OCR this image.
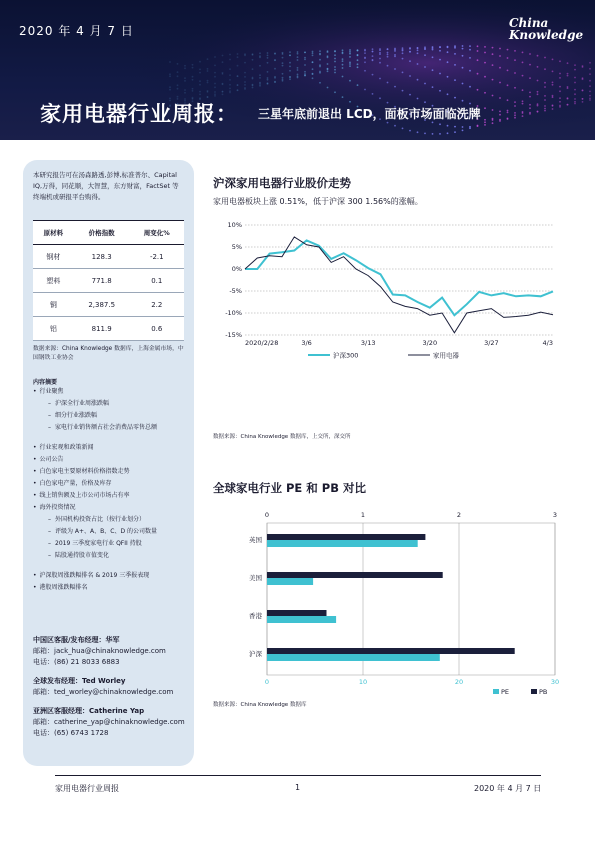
2020 年 4 月 7 日
China
Knowledge
家用电器行业周报： 三星年底前退出 LCD，面板市场面临洗牌
本研究报告可在汤森路透,彭博,标准普尔、Capital IQ,万得，同花顺，大智慧，东方财富，FactSet 等终端机或研报平台购得。
原材料	价格指数	周变化%
钢材	128.3	-2.1
塑料	771.8	0.1
铜	2,387.5	2.2
铝	811.9	0.6
数据来源：China Knowledge 数据库，上海金属市场，中国钢铁工业协会
内容摘要
• 行业聚焦
– 沪深全行业周涨跌幅
– 细分行业涨跌幅
– 家电行业销售额占社会消费品零售总额
• 行业宏观和政策新闻
• 公司公告
• 白色家电主要原材料价格指数走势
• 白色家电产量，价格及库存
• 线上销售额及上市公司市场占有率
• 海外投资情况
– 外国机构投资占比（按行业划分）
– 评级为 A+、A、B、C、D 的公司数量
– 2019 三季度家电行业 QFII 持股
– 陆股通持股市值变化
• 沪深股周涨跌幅排名 & 2019 三季报表现
• 港股周涨跌幅排名
中国区客服/发布经理：华军
邮箱：jack_hua@chinaknowledge.com
电话：(86) 21 8033 6883
全球发布经理：Ted Worley
邮箱：ted_worley@chinaknowledge.com
亚洲区客服经理：Catherine Yap
邮箱：catherine_yap@chinaknowledge.com
电话：(65) 6743 1728
沪深家用电器行业股价走势
家用电器板块上涨 0.51%，低于沪深 300 1.56%的涨幅。
10%
5%
0%
-5%
-10%
-15%
2020/2/28	3/6	3/13	3/20	3/27	4/3
沪深300	家用电器
数据来源：China Knowledge 数据库，上交所，深交所
全球家电行业 PE 和 PB 对比
0
0
1
10
2
20
3
30
英国
美国
香港
沪深
PE	PB
数据来源：China Knowledge 数据库
家用电器行业周报	1	2020 年 4 月 7 日
